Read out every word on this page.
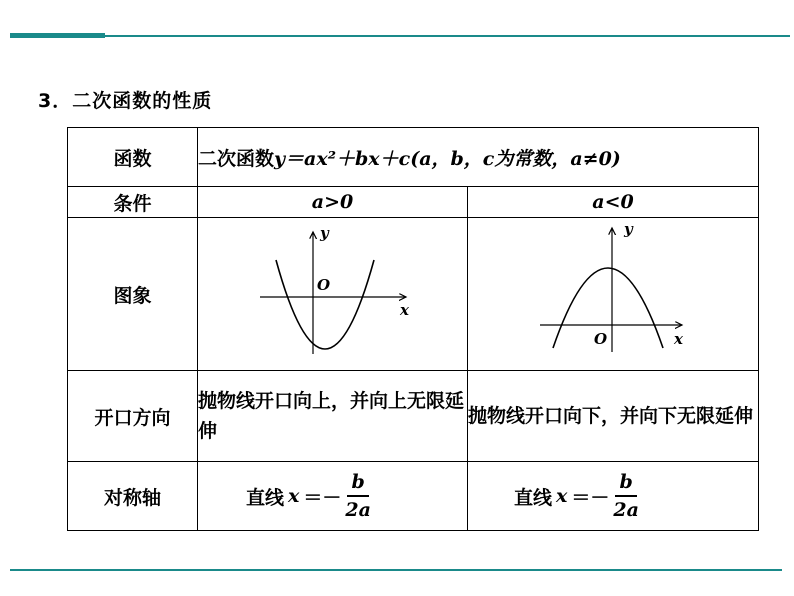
3．二次函数的性质
函数	二次函数y＝ax²＋bx＋c(a，b，c为常数，a≠0)	
条件	a>0	a<0
图象	y
x
O	y
x
O

开口方向	抛物线开口向上，并向上无限延伸	抛物线开口向下，并向下无限延伸
对称轴	直线 $x =- \frac{b}{2a}$	直线 $x =- \frac{b}{2a}$
